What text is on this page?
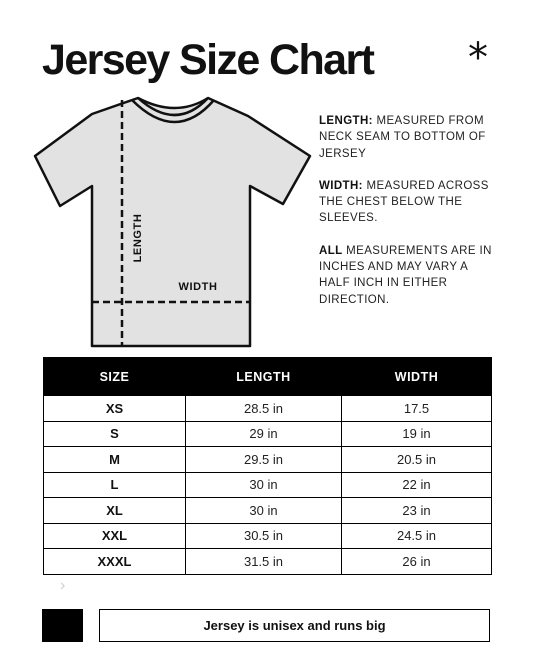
Jersey Size Chart *
LENGTH
WIDTH

LENGTH: MEASURED FROM NECK SEAM TO BOTTOM OF JERSEY

WIDTH: MEASURED ACROSS THE CHEST BELOW THE SLEEVES.

ALL MEASUREMENTS ARE IN INCHES AND MAY VARY A HALF INCH IN EITHER DIRECTION.

SIZE	LENGTH	WIDTH
XS	28.5 in	17.5
S	29 in	19 in
M	29.5 in	20.5 in
L	30 in	22 in
XL	30 in	23 in
XXL	30.5 in	24.5 in
XXXL	31.5 in	26 in
›
Jersey is unisex and runs big
